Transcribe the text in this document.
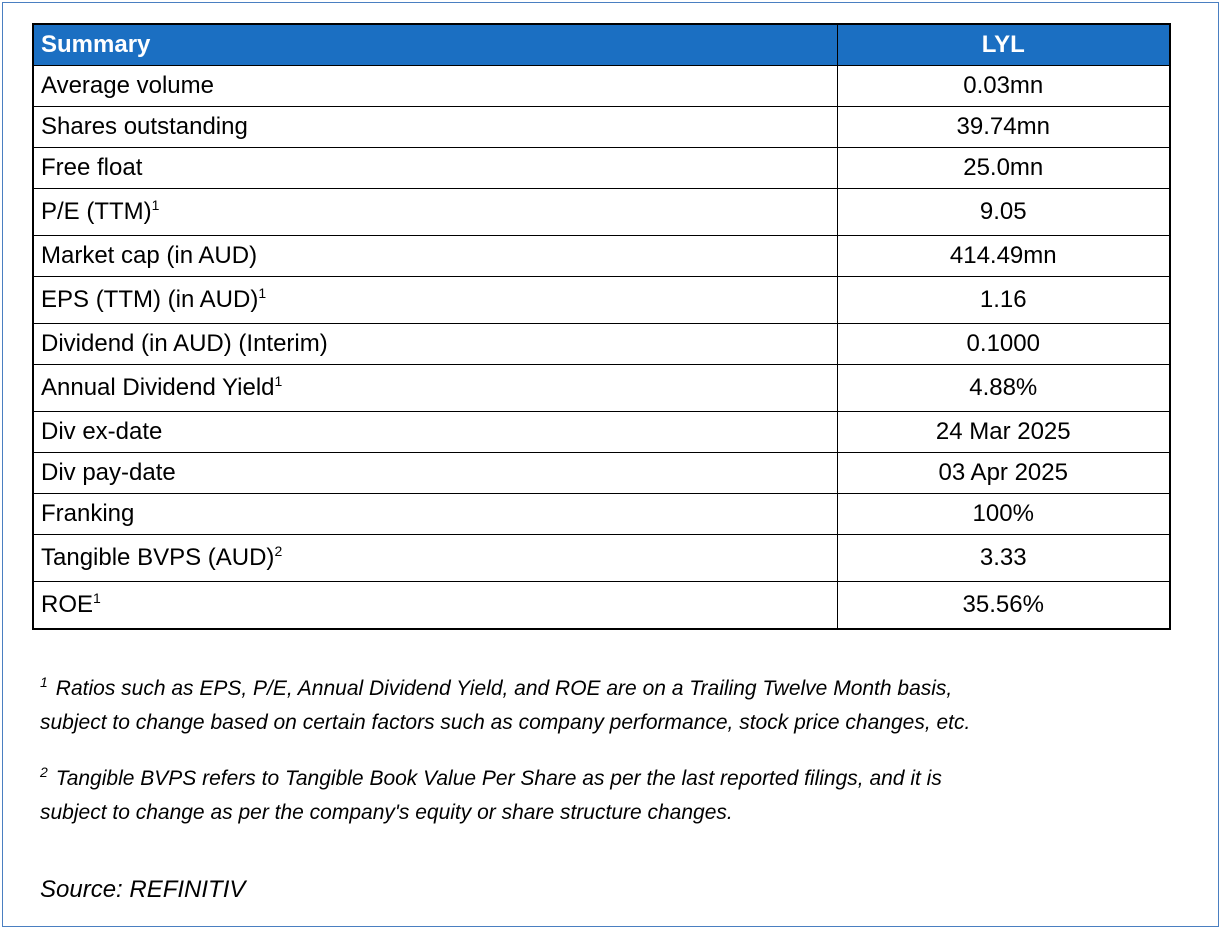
Summary	LYL
Average volume	0.03mn
Shares outstanding	39.74mn
Free float	25.0mn
P/E (TTM)$^1$	9.05
Market cap (in AUD)	414.49mn
EPS (TTM) (in AUD)$^1$	1.16
Dividend (in AUD) (Interim)	0.1000
Annual Dividend Yield$^1$	4.88%
Div ex-date	24 Mar 2025
Div pay-date	03 Apr 2025
Franking	100%
Tangible BVPS (AUD)$^2$	3.33
ROE$^1$	35.56%

$^1$ Ratios such as EPS, P/E, Annual Dividend Yield, and ROE are on a Trailing Twelve Month basis,
subject to change based on certain factors such as company performance, stock price changes, etc.

$^2$ Tangible BVPS refers to Tangible Book Value Per Share as per the last reported filings, and it is
subject to change as per the company's equity or share structure changes.

Source: REFINITIV
